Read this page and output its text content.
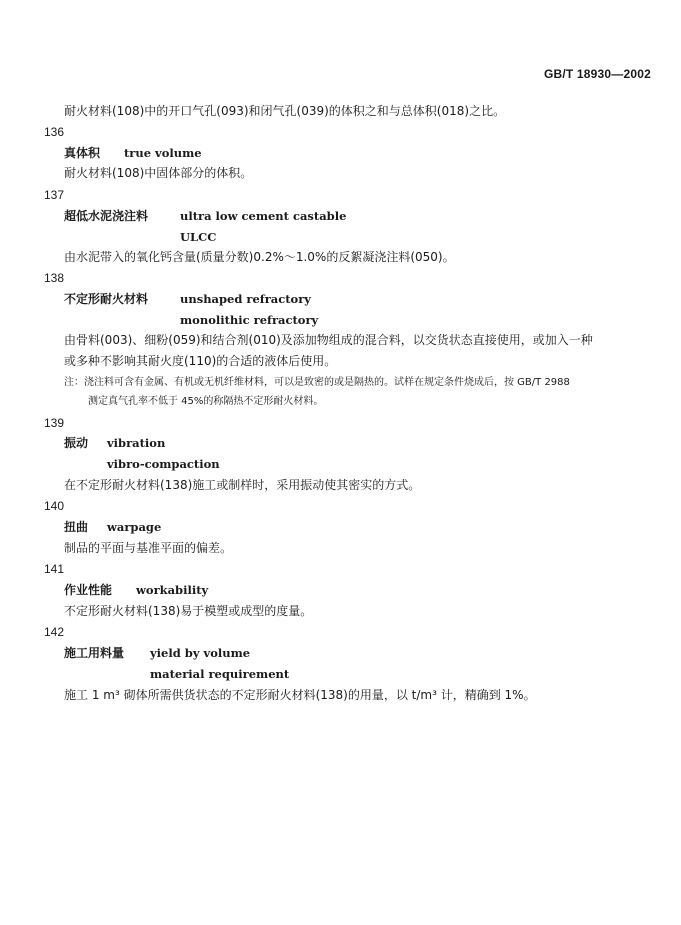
GB/T 18930—2002
耐火材料(108)中的开口气孔(093)和闭气孔(039)的体积之和与总体积(018)之比。
136
真体积 true volume
耐火材料(108)中固体部分的体积。
137
超低水泥浇注料	ultra low cement castable
ULCC
由水泥带入的氧化钙含量(质量分数)0.2%～1.0%的反絮凝浇注料(050)。
138
不定形耐火材料	unshaped refractory
monolithic refractory
由骨料(003)、细粉(059)和结合剂(010)及添加物组成的混合料，以交货状态直接使用，或加入一种
或多种不影响其耐火度(110)的合适的液体后使用。
注：浇注料可含有金属、有机或无机纤维材料，可以是致密的或是隔热的。试样在规定条件烧成后，按 GB/T 2988
测定真气孔率不低于 45%的称隔热不定形耐火材料。
139
振动 vibration
vibro-compaction
在不定形耐火材料(138)施工或制样时，采用振动使其密实的方式。
140
扭曲 warpage
制品的平面与基准平面的偏差。
141
作业性能 workability
不定形耐火材料(138)易于模塑或成型的度量。
142
施工用料量 yield by volume
material requirement
施工 1 m³ 砌体所需供货状态的不定形耐火材料(138)的用量，以 t/m³ 计，精确到 1%。
